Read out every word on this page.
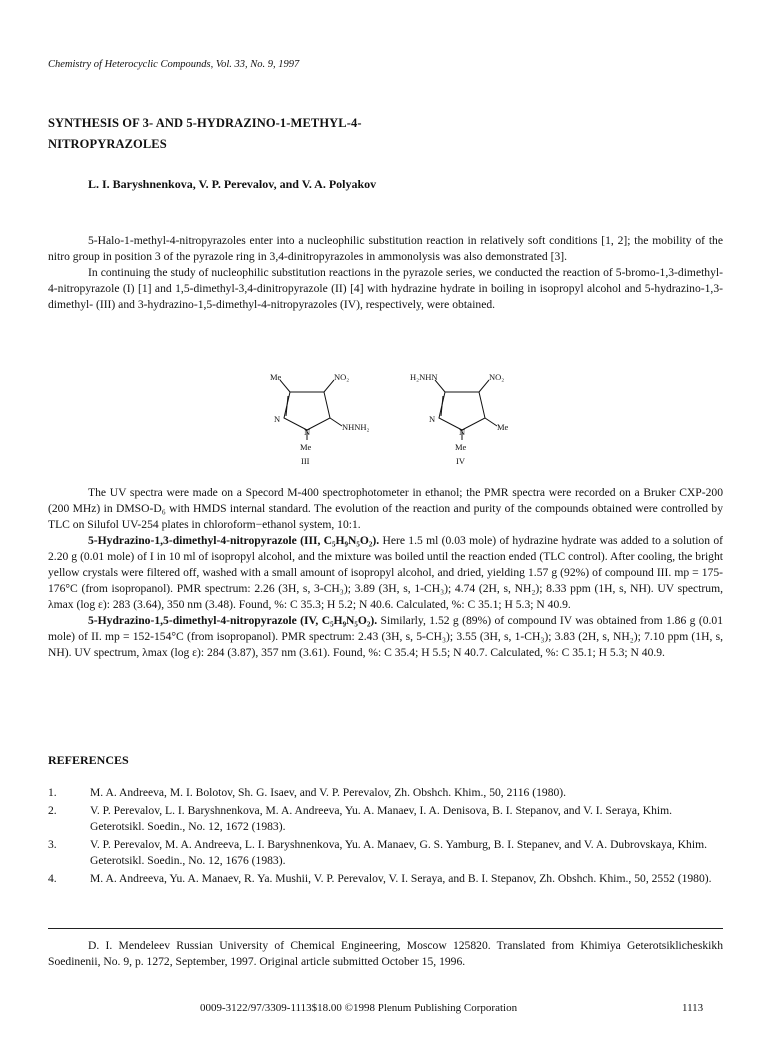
Chemistry of Heterocyclic Compounds, Vol. 33, No. 9, 1997
SYNTHESIS OF 3- AND 5-HYDRAZINO-1-METHYL-4-
NITROPYRAZOLES
L. I. Baryshnenkova, V. P. Perevalov, and V. A. Polyakov

5-Halo-1-methyl-4-nitropyrazoles enter into a nucleophilic substitution reaction in relatively soft conditions [1, 2]; the mobility of the nitro group in position 3 of the pyrazole ring in 3,4-dinitropyrazoles in ammonolysis was also demonstrated [3].

In continuing the study of nucleophilic substitution reactions in the pyrazole series, we conducted the reaction of 5-bromo-1,3-dimethyl-4-nitropyrazole (I) [1] and 1,5-dimethyl-3,4-dinitropyrazole (II) [4] with hydrazine hydrate in boiling in isopropyl alcohol and 5-hydrazino-1,3-dimethyl- (III) and 3-hydrazino-1,5-dimethyl-4-nitropyrazoles (IV), respectively, were obtained.

Me	NO₂
NHNH₂
N
N
Me
III
H₂NHN	NO₂
Me
N
N
Me
IV

The UV spectra were made on a Specord M-400 spectrophotometer in ethanol; the PMR spectra were recorded on a Bruker CXP-200 (200 MHz) in DMSO-D₆ with HMDS internal standard. The evolution of the reaction and purity of the compounds obtained were controlled by TLC on Silufol UV-254 plates in chloroform−ethanol system, 10:1.

5-Hydrazino-1,3-dimethyl-4-nitropyrazole (III, C₅H₉N₅O₂). Here 1.5 ml (0.03 mole) of hydrazine hydrate was added to a solution of 2.20 g (0.01 mole) of I in 10 ml of isopropyl alcohol, and the mixture was boiled until the reaction ended (TLC control). After cooling, the bright yellow crystals were filtered off, washed with a small amount of isopropyl alcohol, and dried, yielding 1.57 g (92%) of compound III. mp = 175-176°C (from isopropanol). PMR spectrum: 2.26 (3H, s, 3-CH₃); 3.89 (3H, s, 1-CH₃); 4.74 (2H, s, NH₂); 8.33 ppm (1H, s, NH). UV spectrum, λmax (log ε): 283 (3.64), 350 nm (3.48). Found, %: C 35.3; H 5.2; N 40.6. Calculated, %: C 35.1; H 5.3; N 40.9.

5-Hydrazino-1,5-dimethyl-4-nitropyrazole (IV, C₅H₉N₅O₂). Similarly, 1.52 g (89%) of compound IV was obtained from 1.86 g (0.01 mole) of II. mp = 152-154°C (from isopropanol). PMR spectrum: 2.43 (3H, s, 5-CH₃); 3.55 (3H, s, 1-CH₃); 3.83 (2H, s, NH₂); 7.10 ppm (1H, s, NH). UV spectrum, λmax (log ε): 284 (3.87), 357 nm (3.61). Found, %: C 35.4; H 5.5; N 40.7. Calculated, %: C 35.1; H 5.3; N 40.9.

REFERENCES
1.	M. A. Andreeva, M. I. Bolotov, Sh. G. Isaev, and V. P. Perevalov, Zh. Obshch. Khim., 50, 2116 (1980).
2.	V. P. Perevalov, L. I. Baryshnenkova, M. A. Andreeva, Yu. A. Manaev, I. A. Denisova, B. I. Stepanov, and V. I. Seraya, Khim. Geterotsikl. Soedin., No. 12, 1672 (1983).
3.	V. P. Perevalov, M. A. Andreeva, L. I. Baryshnenkova, Yu. A. Manaev, G. S. Yamburg, B. I. Stepanev, and V. A. Dubrovskaya, Khim. Geterotsikl. Soedin., No. 12, 1676 (1983).
4.	M. A. Andreeva, Yu. A. Manaev, R. Ya. Mushii, V. P. Perevalov, V. I. Seraya, and B. I. Stepanov, Zh. Obshch. Khim., 50, 2552 (1980).
D. I. Mendeleev Russian University of Chemical Engineering, Moscow 125820. Translated from Khimiya Geterotsiklicheskikh Soedinenii, No. 9, p. 1272, September, 1997. Original article submitted October 15, 1996.
0009-3122/97/3309-1113$18.00 ©1998 Plenum Publishing Corporation	1113
